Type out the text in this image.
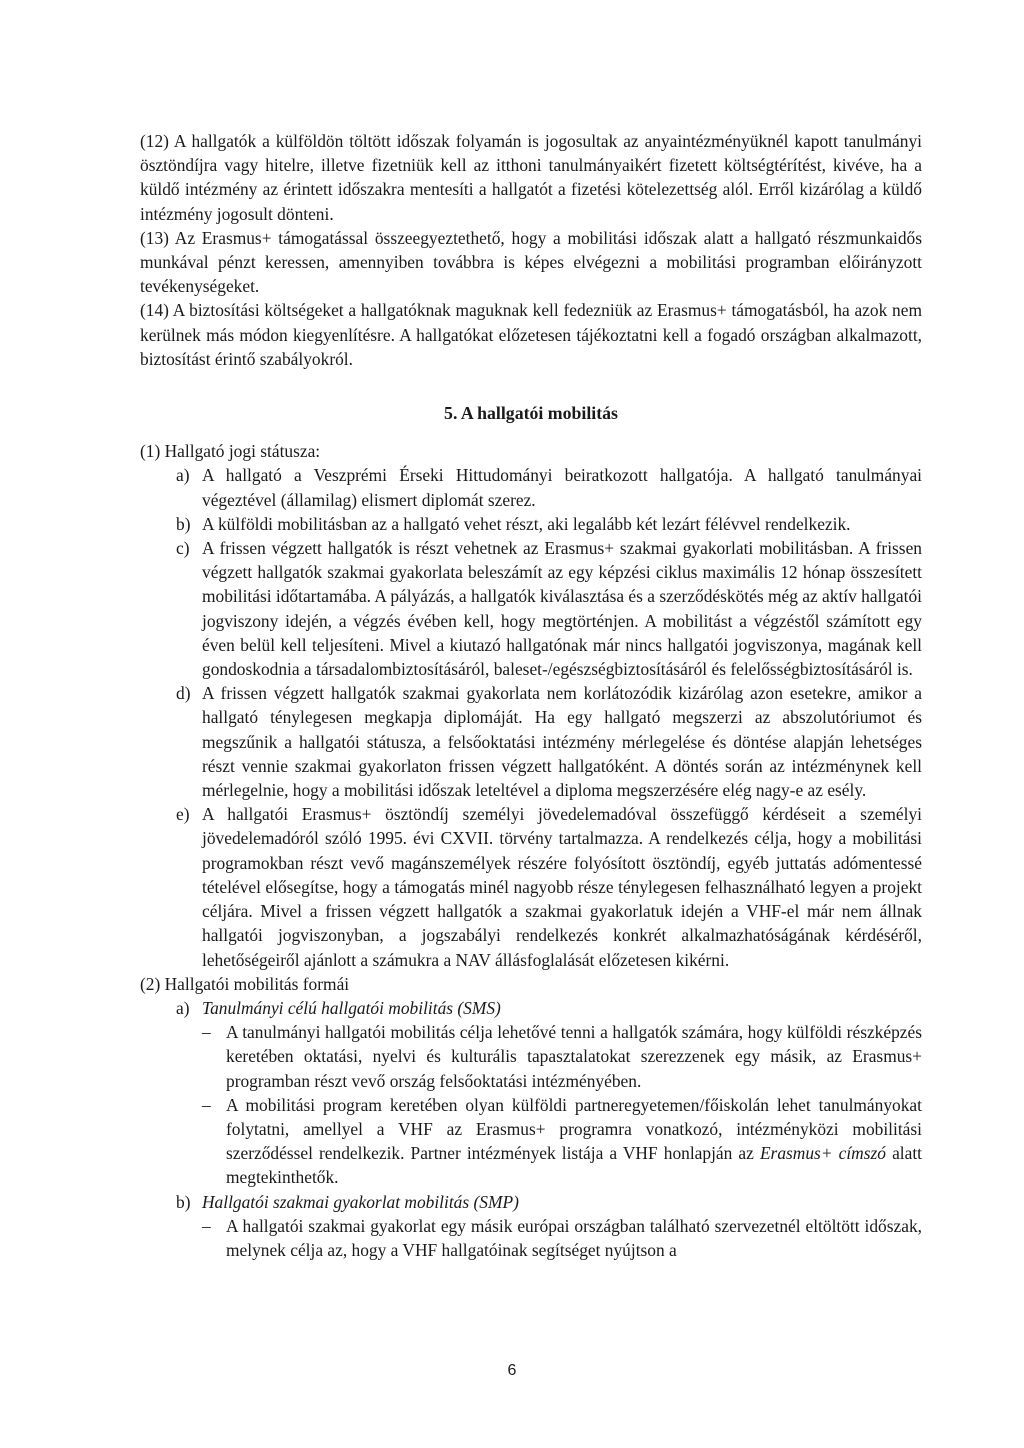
(12) A hallgatók a külföldön töltött időszak folyamán is jogosultak az anyaintézményüknél kapott tanulmányi ösztöndíjra vagy hitelre, illetve fizetniük kell az itthoni tanulmányaikért fizetett költségtérítést, kivéve, ha a küldő intézmény az érintett időszakra mentesíti a hallgatót a fizetési kötelezettség alól. Erről kizárólag a küldő intézmény jogosult dönteni.

(13) Az Erasmus+ támogatással összeegyeztethető, hogy a mobilitási időszak alatt a hallgató részmunkaidős munkával pénzt keressen, amennyiben továbbra is képes elvégezni a mobilitási programban előirányzott tevékenységeket.

(14) A biztosítási költségeket a hallgatóknak maguknak kell fedezniük az Erasmus+ támogatásból, ha azok nem kerülnek más módon kiegyenlítésre. A hallgatókat előzetesen tájékoztatni kell a fogadó országban alkalmazott, biztosítást érintő szabályokról.

5. A hallgatói mobilitás

(1) Hallgató jogi státusza:

a) A hallgató a Veszprémi Érseki Hittudományi beiratkozott hallgatója. A hallgató tanulmányai végeztével (államilag) elismert diplomát szerez.

b) A külföldi mobilitásban az a hallgató vehet részt, aki legalább két lezárt félévvel rendelkezik.

c) A frissen végzett hallgatók is részt vehetnek az Erasmus+ szakmai gyakorlati mobilitásban. A frissen végzett hallgatók szakmai gyakorlata beleszámít az egy képzési ciklus maximális 12 hónap összesített mobilitási időtartamába. A pályázás, a hallgatók kiválasztása és a szerződéskötés még az aktív hallgatói jogviszony idején, a végzés évében kell, hogy megtörténjen. A mobilitást a végzéstől számított egy éven belül kell teljesíteni. Mivel a kiutazó hallgatónak már nincs hallgatói jogviszonya, magának kell gondoskodnia a társadalombiztosításáról, baleset-/egészségbiztosításáról és felelősségbiztosításáról is.

d) A frissen végzett hallgatók szakmai gyakorlata nem korlátozódik kizárólag azon esetekre, amikor a hallgató ténylegesen megkapja diplomáját. Ha egy hallgató megszerzi az abszolutóriumot és megszűnik a hallgatói státusza, a felsőoktatási intézmény mérlegelése és döntése alapján lehetséges részt vennie szakmai gyakorlaton frissen végzett hallgatóként. A döntés során az intézménynek kell mérlegelnie, hogy a mobilitási időszak leteltével a diploma megszerzésére elég nagy-e az esély.

e) A hallgatói Erasmus+ ösztöndíj személyi jövedelemadóval összefüggő kérdéseit a személyi jövedelemadóról szóló 1995. évi CXVII. törvény tartalmazza. A rendelkezés célja, hogy a mobilitási programokban részt vevő magánszemélyek részére folyósított ösztöndíj, egyéb juttatás adómentessé tételével elősegítse, hogy a támogatás minél nagyobb része ténylegesen felhasználható legyen a projekt céljára. Mivel a frissen végzett hallgatók a szakmai gyakorlatuk idején a VHF-el már nem állnak hallgatói jogviszonyban, a jogszabályi rendelkezés konkrét alkalmazhatóságának kérdéséről, lehetőségeiről ajánlott a számukra a NAV állásfoglalását előzetesen kikérni.

(2) Hallgatói mobilitás formái

a) Tanulmányi célú hallgatói mobilitás (SMS)

– A tanulmányi hallgatói mobilitás célja lehetővé tenni a hallgatók számára, hogy külföldi részképzés keretében oktatási, nyelvi és kulturális tapasztalatokat szerezzenek egy másik, az Erasmus+ programban részt vevő ország felsőoktatási intézményében.

– A mobilitási program keretében olyan külföldi partneregyetemen/főiskolán lehet tanulmányokat folytatni, amellyel a VHF az Erasmus+ programra vonatkozó, intézményközi mobilitási szerződéssel rendelkezik. Partner intézmények listája a VHF honlapján az Erasmus+ címszó alatt megtekinthetők.

b) Hallgatói szakmai gyakorlat mobilitás (SMP)

– A hallgatói szakmai gyakorlat egy másik európai országban található szervezetnél eltöltött időszak, melynek célja az, hogy a VHF hallgatóinak segítséget nyújtson a

6
